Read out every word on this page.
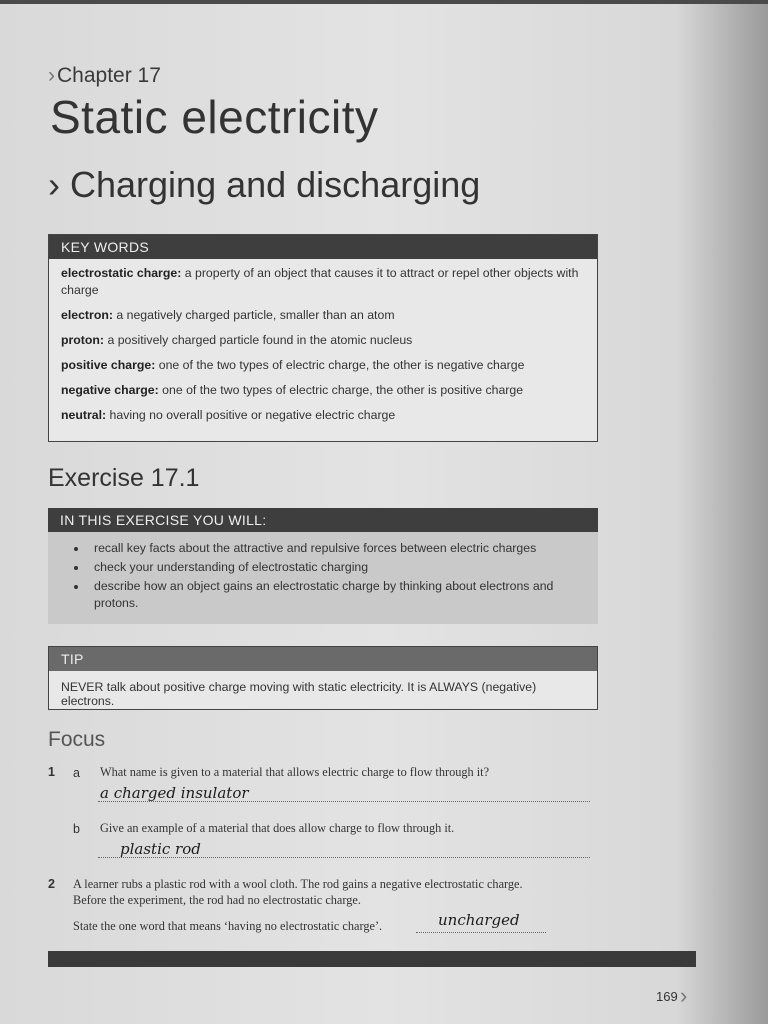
›Chapter 17
Static electricity
› Charging and discharging
KEY WORDS
electrostatic charge: a property of an object that causes it to attract or repel other objects with charge
electron: a negatively charged particle, smaller than an atom
proton: a positively charged particle found in the atomic nucleus
positive charge: one of the two types of electric charge, the other is negative charge
negative charge: one of the two types of electric charge, the other is positive charge
neutral: having no overall positive or negative electric charge
Exercise 17.1
IN THIS EXERCISE YOU WILL:
• recall key facts about the attractive and repulsive forces between electric charges
• check your understanding of electrostatic charging
• describe how an object gains an electrostatic charge by thinking about electrons and protons.
TIP

NEVER talk about positive charge moving with static electricity. It is ALWAYS (negative) electrons.

Focus
1 a What name is given to a material that allows electric charge to flow through it?
a charged insulator
b Give an example of a material that does allow charge to flow through it.
plastic rod
2 A learner rubs a plastic rod with a wool cloth. The rod gains a negative electrostatic charge.
Before the experiment, the rod had no electrostatic charge.
State the one word that means ‘having no electrostatic charge’.	uncharged
169 ›
